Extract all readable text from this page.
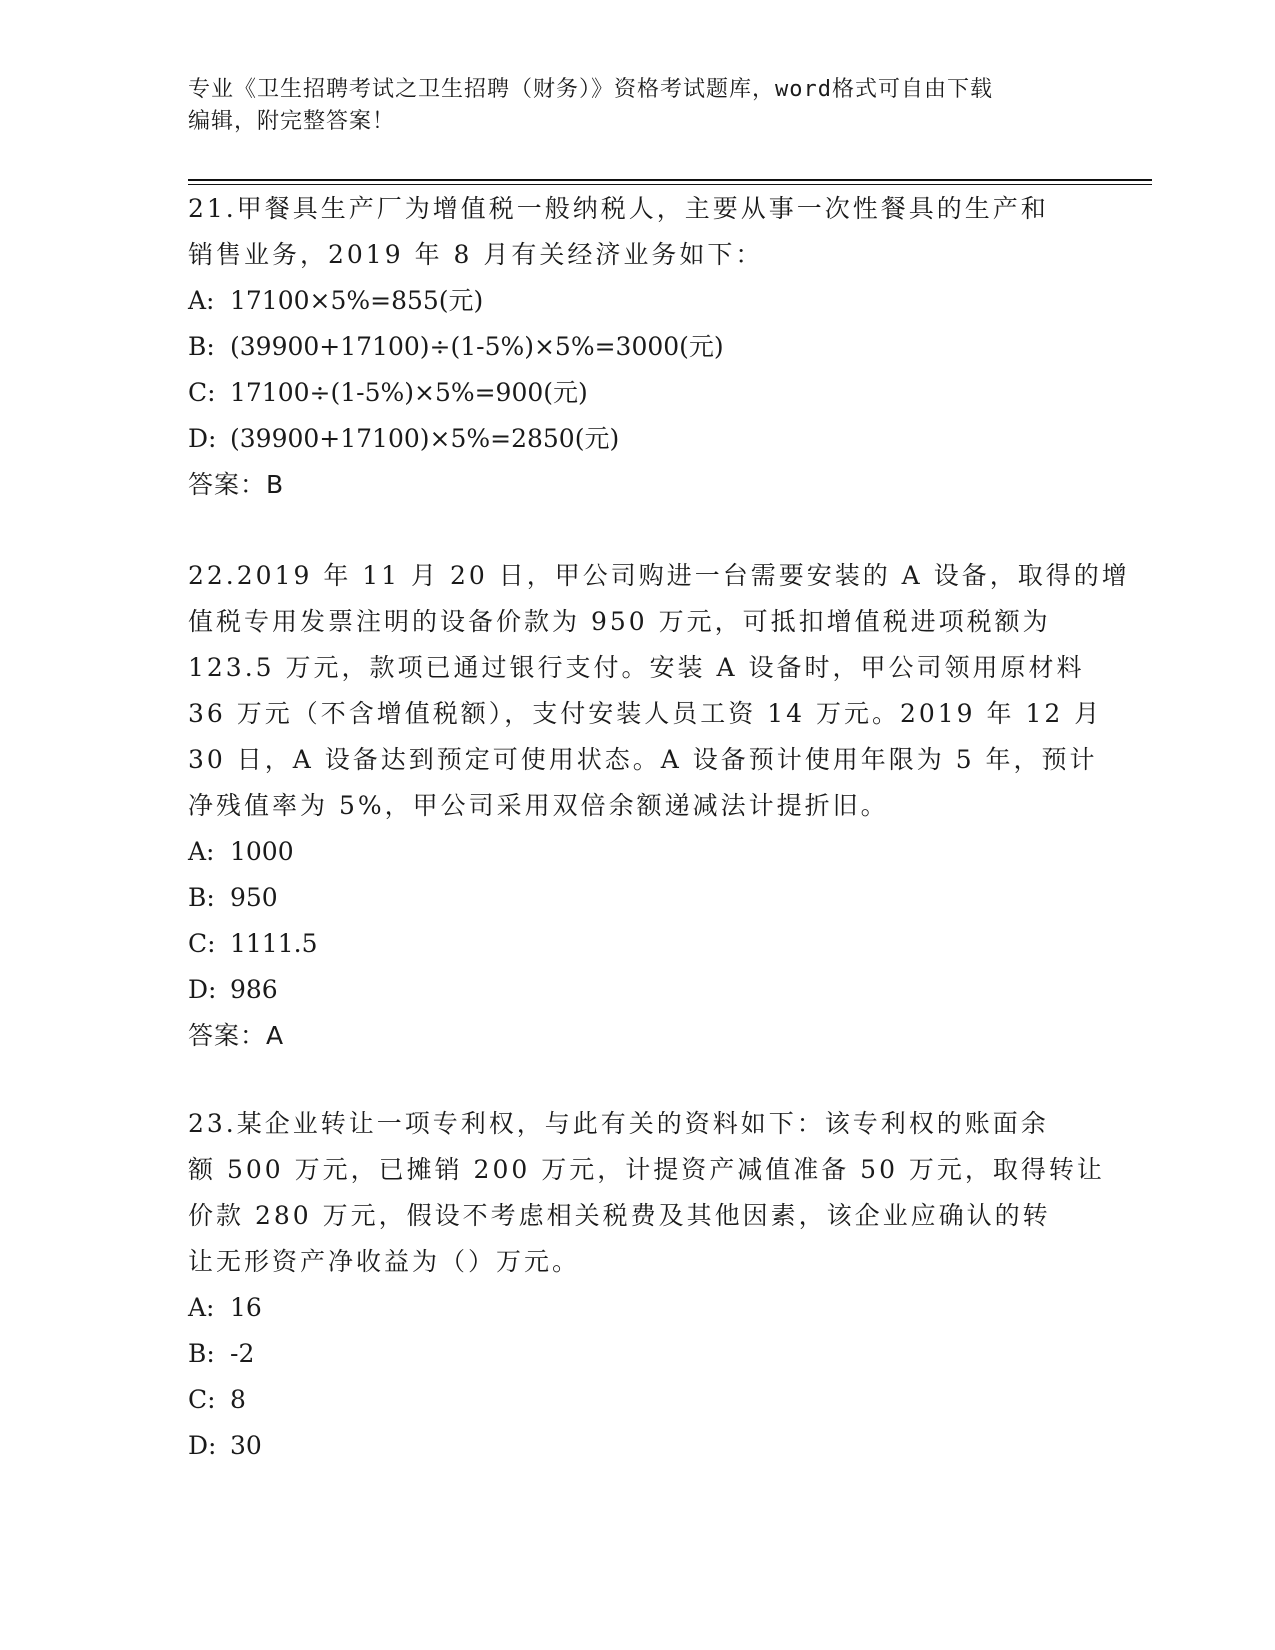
专业《卫生招聘考试之卫生招聘（财务）》资格考试题库，word格式可自由下载
编辑，附完整答案！
21.甲餐具生产厂为增值税一般纳税人，主要从事一次性餐具的生产和
销售业务，2019 年 8 月有关经济业务如下：
A: 17100×5%=855(元)
B: (39900+17100)÷(1-5%)×5%=3000(元)
C: 17100÷(1-5%)×5%=900(元)
D: (39900+17100)×5%=2850(元)
答案：B
22.2019 年 11 月 20 日，甲公司购进一台需要安装的 A 设备，取得的增
值税专用发票注明的设备价款为 950 万元，可抵扣增值税进项税额为
123.5 万元，款项已通过银行支付。安装 A 设备时，甲公司领用原材料
36 万元（不含增值税额），支付安装人员工资 14 万元。2019 年 12 月
30 日，A 设备达到预定可使用状态。A 设备预计使用年限为 5 年，预计
净残值率为 5%，甲公司采用双倍余额递减法计提折旧。
A: 1000
B: 950
C: 1111.5
D: 986
答案：A
23.某企业转让一项专利权，与此有关的资料如下：该专利权的账面余
额 500 万元，已摊销 200 万元，计提资产减值准备 50 万元，取得转让
价款 280 万元，假设不考虑相关税费及其他因素，该企业应确认的转
让无形资产净收益为（）万元。
A: 16
B: -2
C: 8
D: 30
